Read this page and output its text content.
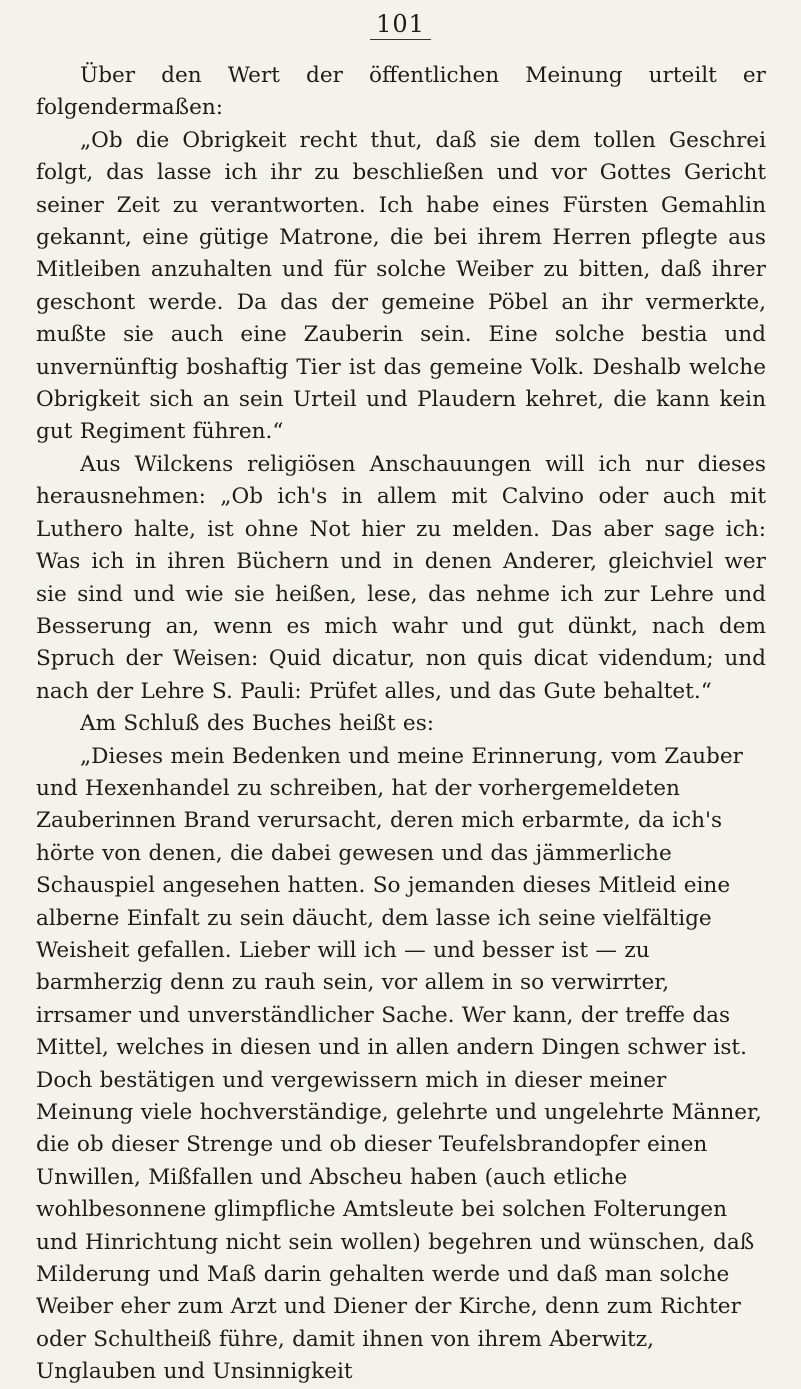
101

Über den Wert der öffentlichen Meinung urteilt er folgendermaßen:

„Ob die Obrigkeit recht thut, daß sie dem tollen Geschrei folgt, das lasse ich ihr zu beschließen und vor Gottes Gericht seiner Zeit zu verantworten. Ich habe eines Fürsten Gemahlin gekannt, eine gütige Matrone, die bei ihrem Herren pflegte aus Mitleiben anzuhalten und für solche Weiber zu bitten, daß ihrer geschont werde. Da das der gemeine Pöbel an ihr vermerkte, mußte sie auch eine Zauberin sein. Eine solche bestia und unvernünftig boshaftig Tier ist das gemeine Volk. Deshalb welche Obrigkeit sich an sein Urteil und Plaudern kehret, die kann kein gut Regiment führen.“

Aus Wilckens religiösen Anschauungen will ich nur dieses herausnehmen: „Ob ich's in allem mit Calvino oder auch mit Luthero halte, ist ohne Not hier zu melden. Das aber sage ich: Was ich in ihren Büchern und in denen Anderer, gleichviel wer sie sind und wie sie heißen, lese, das nehme ich zur Lehre und Besserung an, wenn es mich wahr und gut dünkt, nach dem Spruch der Weisen: Quid dicatur, non quis dicat videndum; und nach der Lehre S. Pauli: Prüfet alles, und das Gute behaltet.“

Am Schluß des Buches heißt es:

„Dieses mein Bedenken und meine Erinnerung, vom Zauber und Hexenhandel zu schreiben, hat der vorhergemeldeten Zauberinnen Brand verursacht, deren mich erbarmte, da ich's hörte von denen, die dabei gewesen und das jämmerliche Schauspiel angesehen hatten. So jemanden dieses Mitleid eine alberne Einfalt zu sein däucht, dem lasse ich seine vielfältige Weisheit gefallen. Lieber will ich — und besser ist — zu barmherzig denn zu rauh sein, vor allem in so verwirrter, irrsamer und unverständlicher Sache. Wer kann, der treffe das Mittel, welches in diesen und in allen andern Dingen schwer ist. Doch bestätigen und vergewissern mich in dieser meiner Meinung viele hochverständige, gelehrte und ungelehrte Männer, die ob dieser Strenge und ob dieser Teufelsbrandopfer einen Unwillen, Mißfallen und Abscheu haben (auch etliche wohlbesonnene glimpfliche Amtsleute bei solchen Folterungen und Hinrichtung nicht sein wollen) begehren und wünschen, daß Milderung und Maß darin gehalten werde und daß man solche Weiber eher zum Arzt und Diener der Kirche, denn zum Richter oder Schultheiß führe, damit ihnen von ihrem Aberwitz, Unglauben und Unsinnigkeit
